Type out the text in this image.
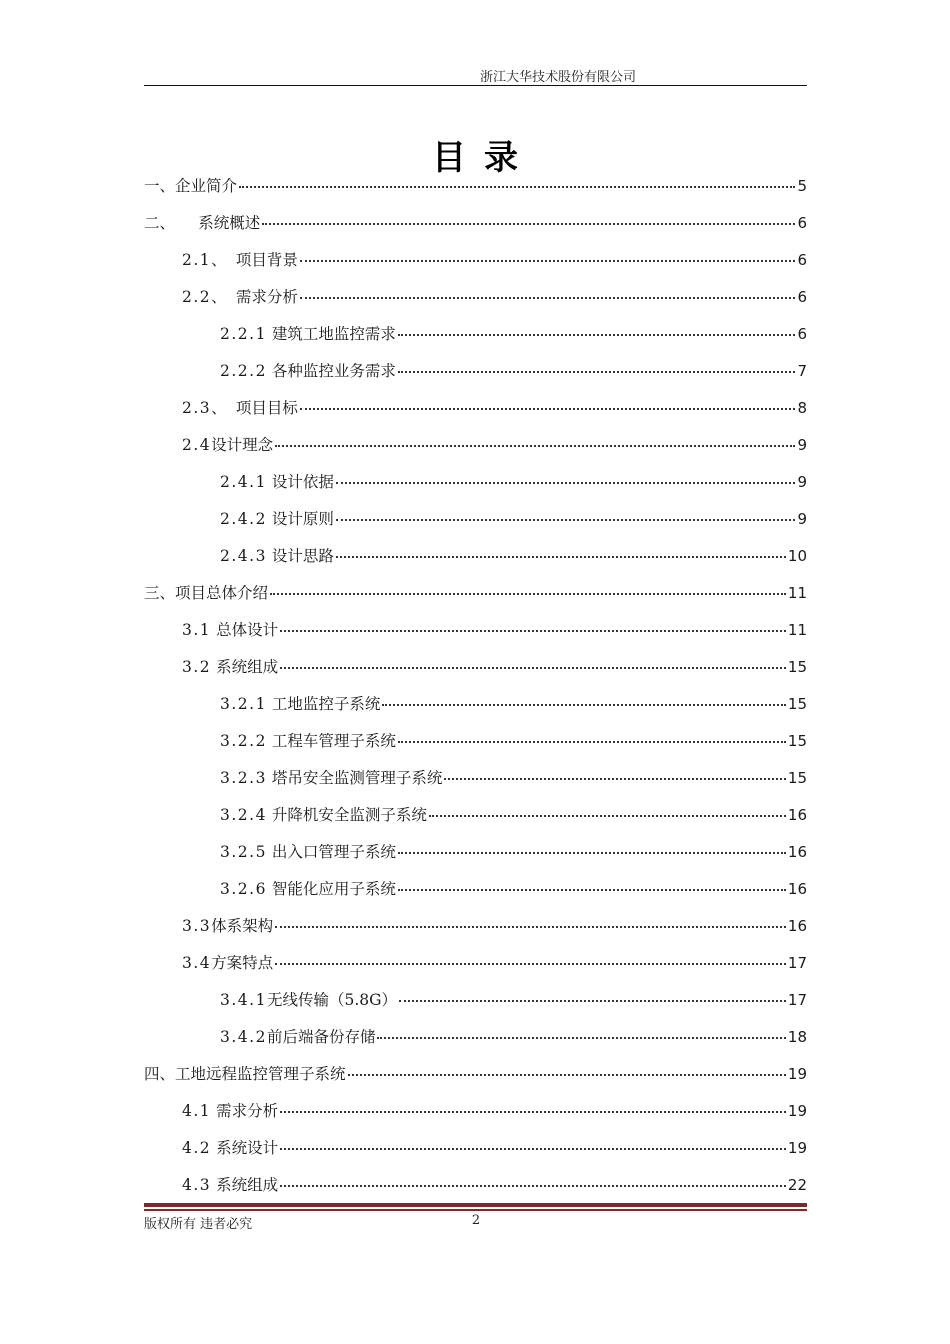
浙江大华技术股份有限公司
目录
一、企业简介	5
二、　　系统概述	6
2.1、　项目背景	6
2.2、　需求分析	6
2.2.1 建筑工地监控需求	6
2.2.2 各种监控业务需求	7
2.3、　项目目标	8
2.4设计理念	9
2.4.1 设计依据	9
2.4.2 设计原则	9
2.4.3 设计思路	10
三、项目总体介绍	11
3.1 总体设计	11
3.2 系统组成	15
3.2.1 工地监控子系统	15
3.2.2 工程车管理子系统	15
3.2.3 塔吊安全监测管理子系统	15
3.2.4 升降机安全监测子系统	16
3.2.5 出入口管理子系统	16
3.2.6 智能化应用子系统	16
3.3体系架构	16
3.4方案特点	17
3.4.1无线传输（5.8G）	17
3.4.2前后端备份存储	18
四、工地远程监控管理子系统	19
4.1 需求分析	19
4.2 系统设计	19
4.3 系统组成	22
版权所有 违者必究	2
